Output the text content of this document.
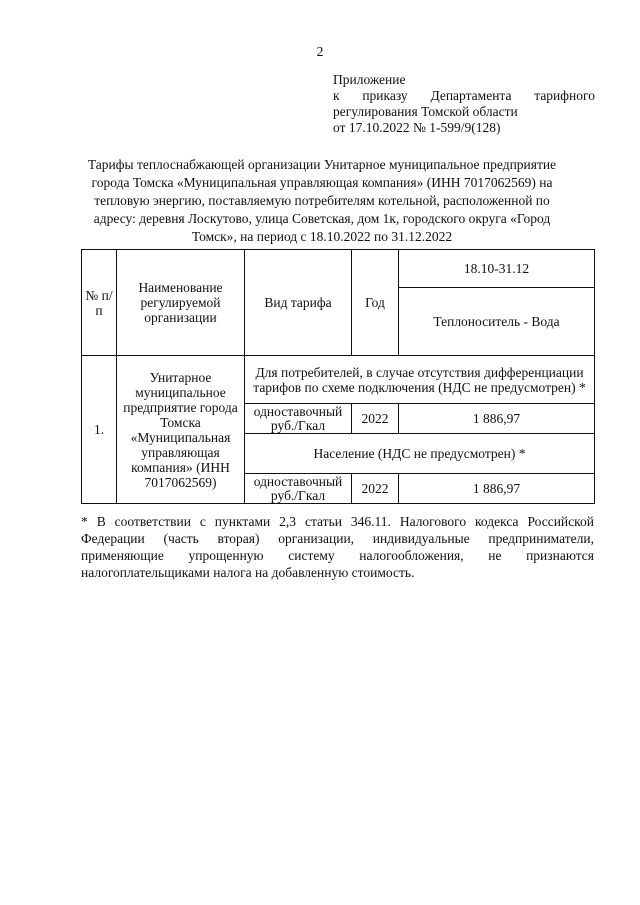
2
Приложение
к приказу Департамента тарифного
регулирования Томской области
от 17.10.2022 № 1-599/9(128)
Тарифы теплоснабжающей организации Унитарное муниципальное предприятие города Томска «Муниципальная управляющая компания» (ИНН 7017062569) на тепловую энергию, поставляемую потребителям котельной, расположенной по адресу: деревня Лоскутово, улица Советская, дом 1к, городского округа «Город Томск», на период с 18.10.2022 по 31.12.2022
№ п/п	Наименование регулируемой организации	Вид тарифа	Год	18.10-31.12
				Теплоноситель - Вода
1.	Унитарное муниципальное предприятие города Томска «Муниципальная управляющая компания» (ИНН 7017062569)	Для потребителей, в случае отсутствия дифференциации тарифов по схеме подключения (НДС не предусмотрен) *		
		одноставочный руб./Гкал	2022	1 886,97
		Население (НДС не предусмотрен) *		
		одноставочный руб./Гкал	2022	1 886,97
* В соответствии с пунктами 2,3 статьи 346.11. Налогового кодекса Российской Федерации (часть вторая) организации, индивидуальные предприниматели, применяющие упрощенную систему налогообложения, не признаются налогоплательщиками налога на добавленную стоимость.
